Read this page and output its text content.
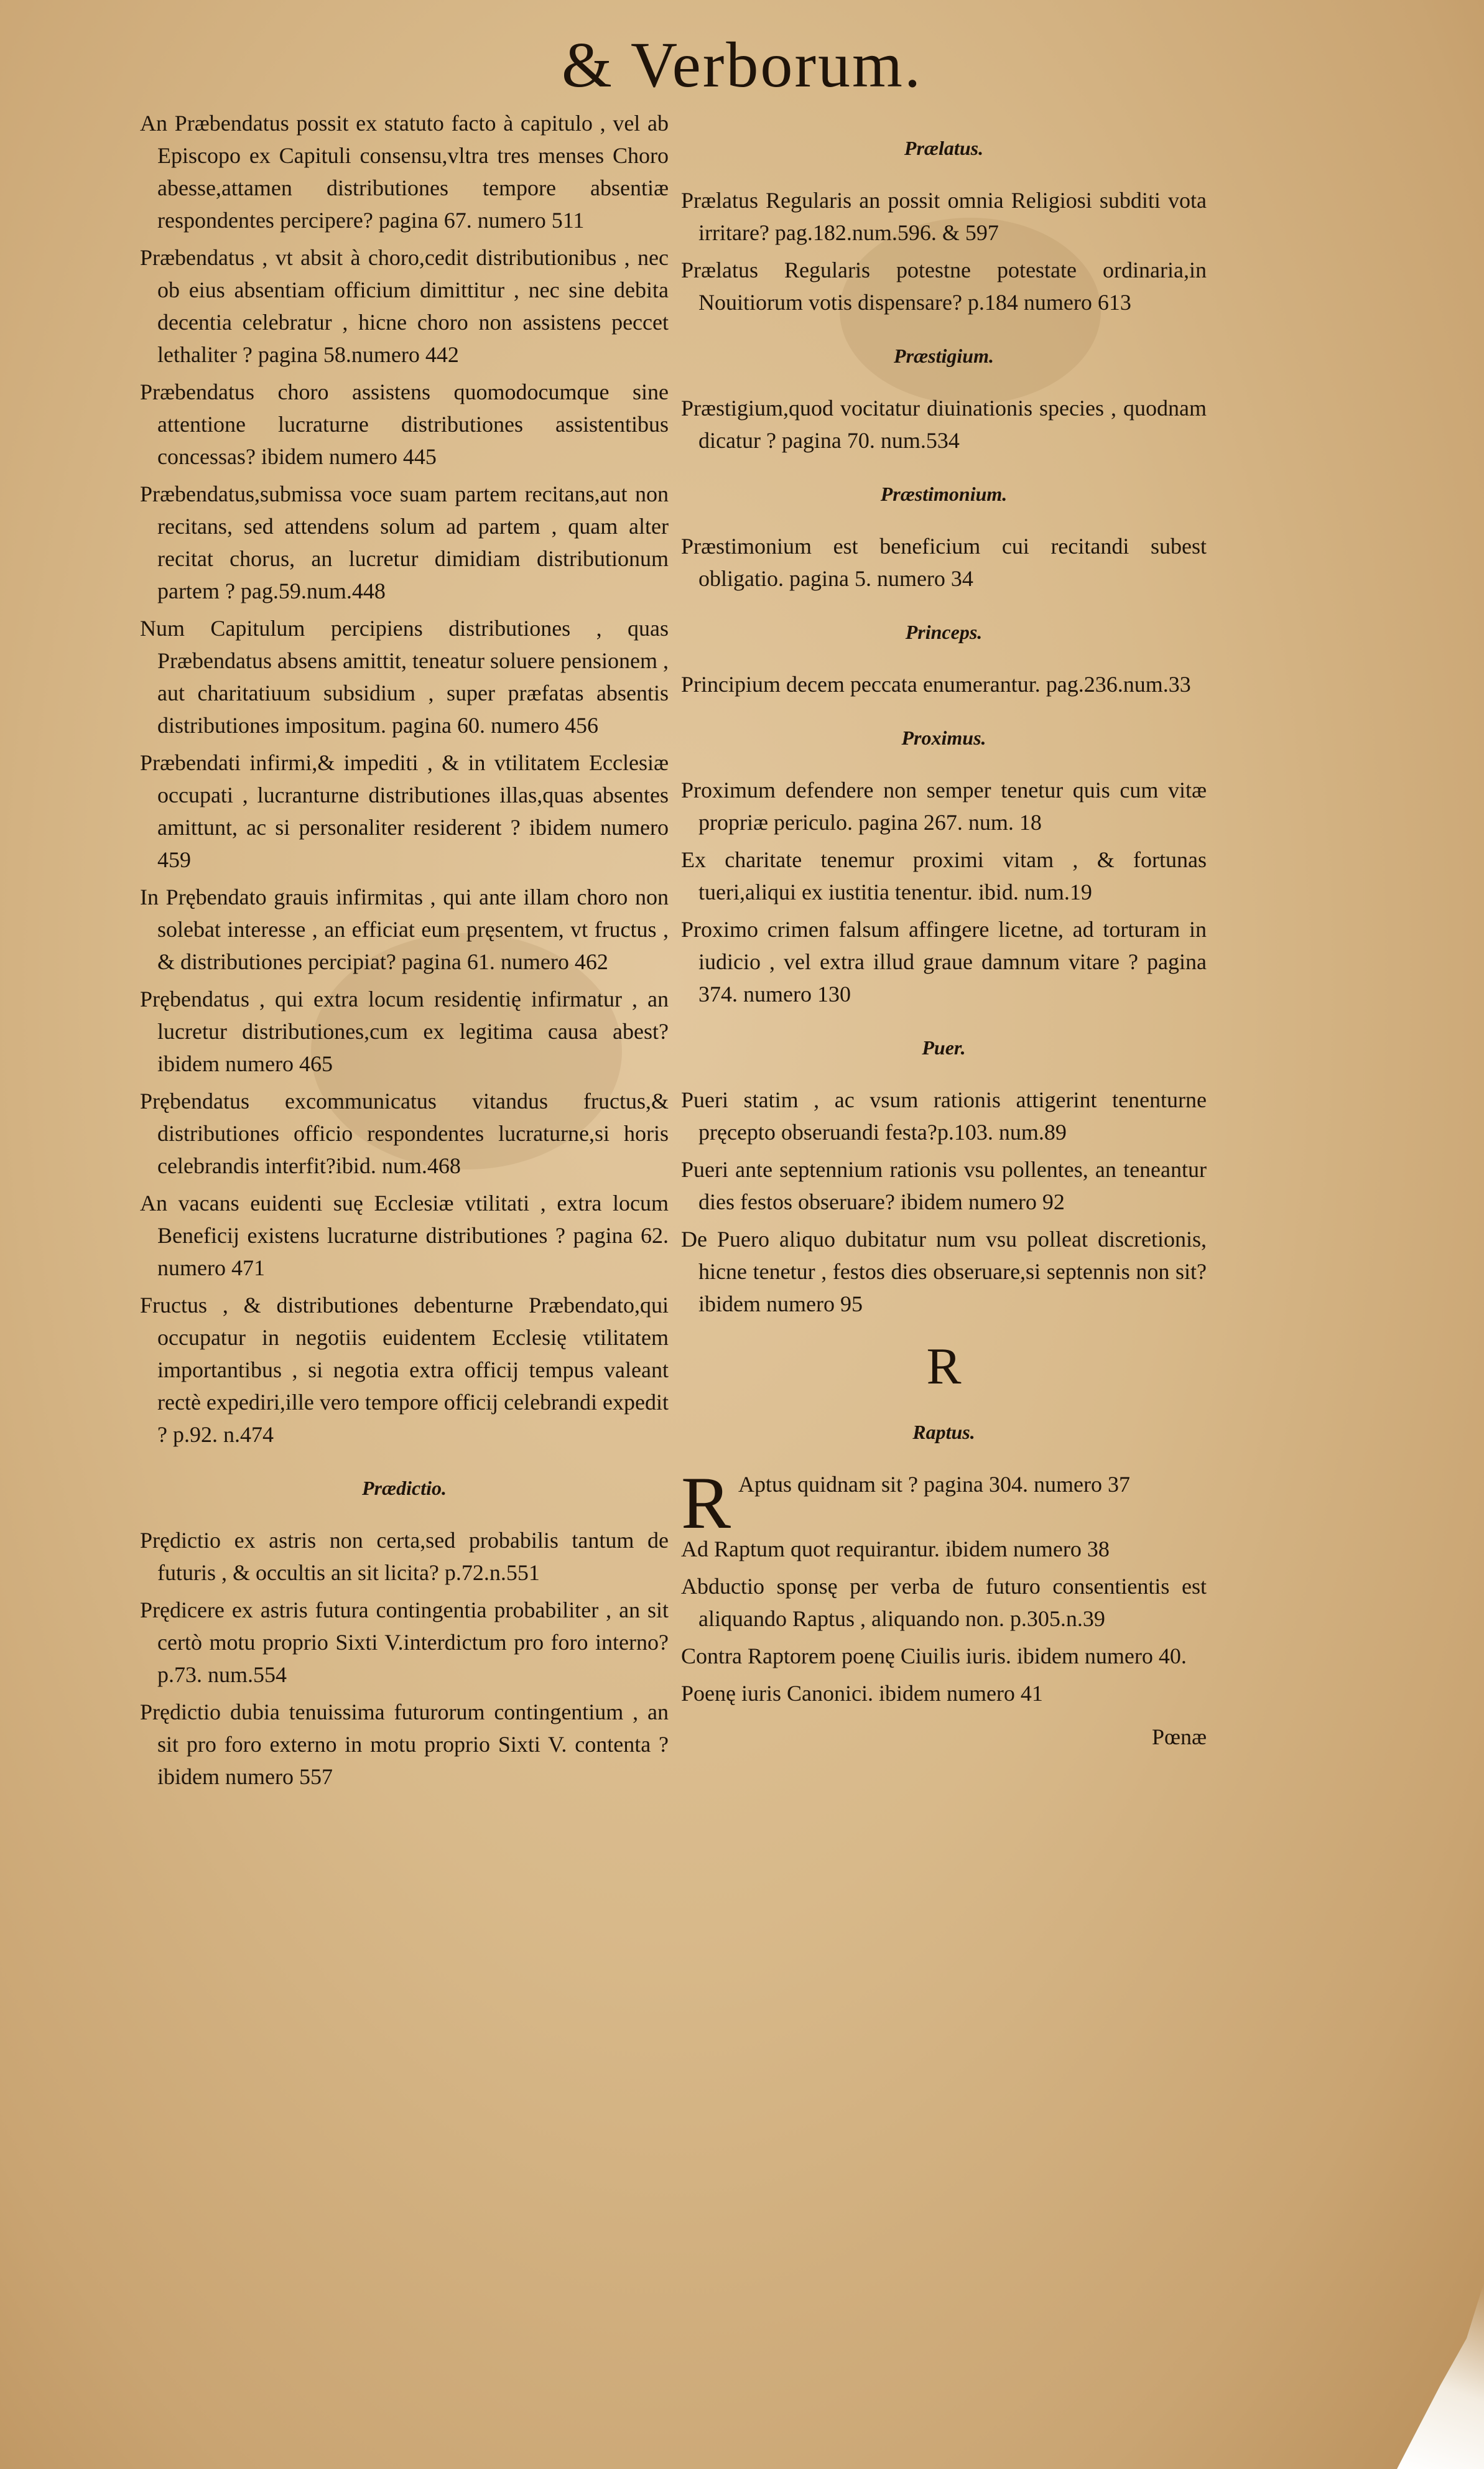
& Verborum.
An Præbendatus possit ex statuto facto à capitulo , vel ab Episcopo ex Capituli consensu,vltra tres menses Choro abesse,attamen distributiones tempore absentiæ respondentes percipere? pagina 67. numero 511
Præbendatus , vt absit à choro,cedit distributionibus , nec ob eius absentiam officium dimittitur , nec sine debita decentia celebratur , hicne choro non assistens peccet lethaliter ? pagina 58.numero 442
Præbendatus choro assistens quomodocumque sine attentione lucraturne distributiones assistentibus concessas? ibidem numero 445
Præbendatus,submissa voce suam partem recitans,aut non recitans, sed attendens solum ad partem , quam alter recitat chorus, an lucretur dimidiam distributionum partem ? pag.59.num.448
Num Capitulum percipiens distributiones , quas Præbendatus absens amittit, teneatur soluere pensionem , aut charitatiuum subsidium , super præfatas absentis distributiones impositum. pagina 60. numero 456
Præbendati infirmi,& impediti , & in vtilitatem Ecclesiæ occupati , lucranturne distributiones illas,quas absentes amittunt, ac si personaliter residerent ? ibidem numero 459
In Prębendato grauis infirmitas , qui ante illam choro non solebat interesse , an efficiat eum pręsentem, vt fructus , & distributiones percipiat? pagina 61. numero 462
Prębendatus , qui extra locum residentię infirmatur , an lucretur distributiones,cum ex legitima causa abest? ibidem numero 465
Prębendatus excommunicatus vitandus fructus,& distributiones officio respondentes lucraturne,si horis celebrandis interfit?ibid. num.468
An vacans euidenti suę Ecclesiæ vtilitati , extra locum Beneficij existens lucraturne distributiones ? pagina 62. numero 471
Fructus , & distributiones debenturne Præbendato,qui occupatur in negotiis euidentem Ecclesię vtilitatem importantibus , si negotia extra officij tempus valeant rectè expediri,ille vero tempore officij celebrandi expedit ? p.92. n.474
Prædictio.
Prędictio ex astris non certa,sed probabilis tantum de futuris , & occultis an sit licita? p.72.n.551
Prędicere ex astris futura contingentia probabiliter , an sit certò motu proprio Sixti V.interdictum pro foro interno?p.73. num.554
Prędictio dubia tenuissima futurorum contingentium , an sit pro foro externo in motu proprio Sixti V. contenta ? ibidem numero 557
Prælatus.
Prælatus Regularis an possit omnia Religiosi subditi vota irritare? pag.182.num.596. & 597
Prælatus Regularis potestne potestate ordinaria,in Nouitiorum votis dispensare? p.184 numero 613
Præstigium.
Præstigium,quod vocitatur diuinationis species , quodnam dicatur ? pagina 70. num.534
Præstimonium.
Præstimonium est beneficium cui recitandi subest obligatio. pagina 5. numero 34
Princeps.
Principium decem peccata enumerantur. pag.236.num.33
Proximus.
Proximum defendere non semper tenetur quis cum vitæ propriæ periculo. pagina 267. num. 18
Ex charitate tenemur proximi vitam , & fortunas tueri,aliqui ex iustitia tenentur. ibid. num.19
Proximo crimen falsum affingere licetne, ad torturam in iudicio , vel extra illud graue damnum vitare ? pagina 374. numero 130
Puer.
Pueri statim , ac vsum rationis attigerint tenenturne pręcepto obseruandi festa?p.103. num.89
Pueri ante septennium rationis vsu pollentes, an teneantur dies festos obseruare? ibidem numero 92
De Puero aliquo dubitatur num vsu polleat discretionis, hicne tenetur , festos dies obseruare,si septennis non sit? ibidem numero 95
R
Raptus.
R Aptus quidnam sit ? pagina 304. numero 37
Ad Raptum quot requirantur. ibidem numero 38
Abductio sponsę per verba de futuro consentientis est aliquando Raptus , aliquando non. p.305.n.39
Contra Raptorem poenę Ciuilis iuris. ibidem numero 40.
Poenę iuris Canonici. ibidem numero 41
Pœnæ
